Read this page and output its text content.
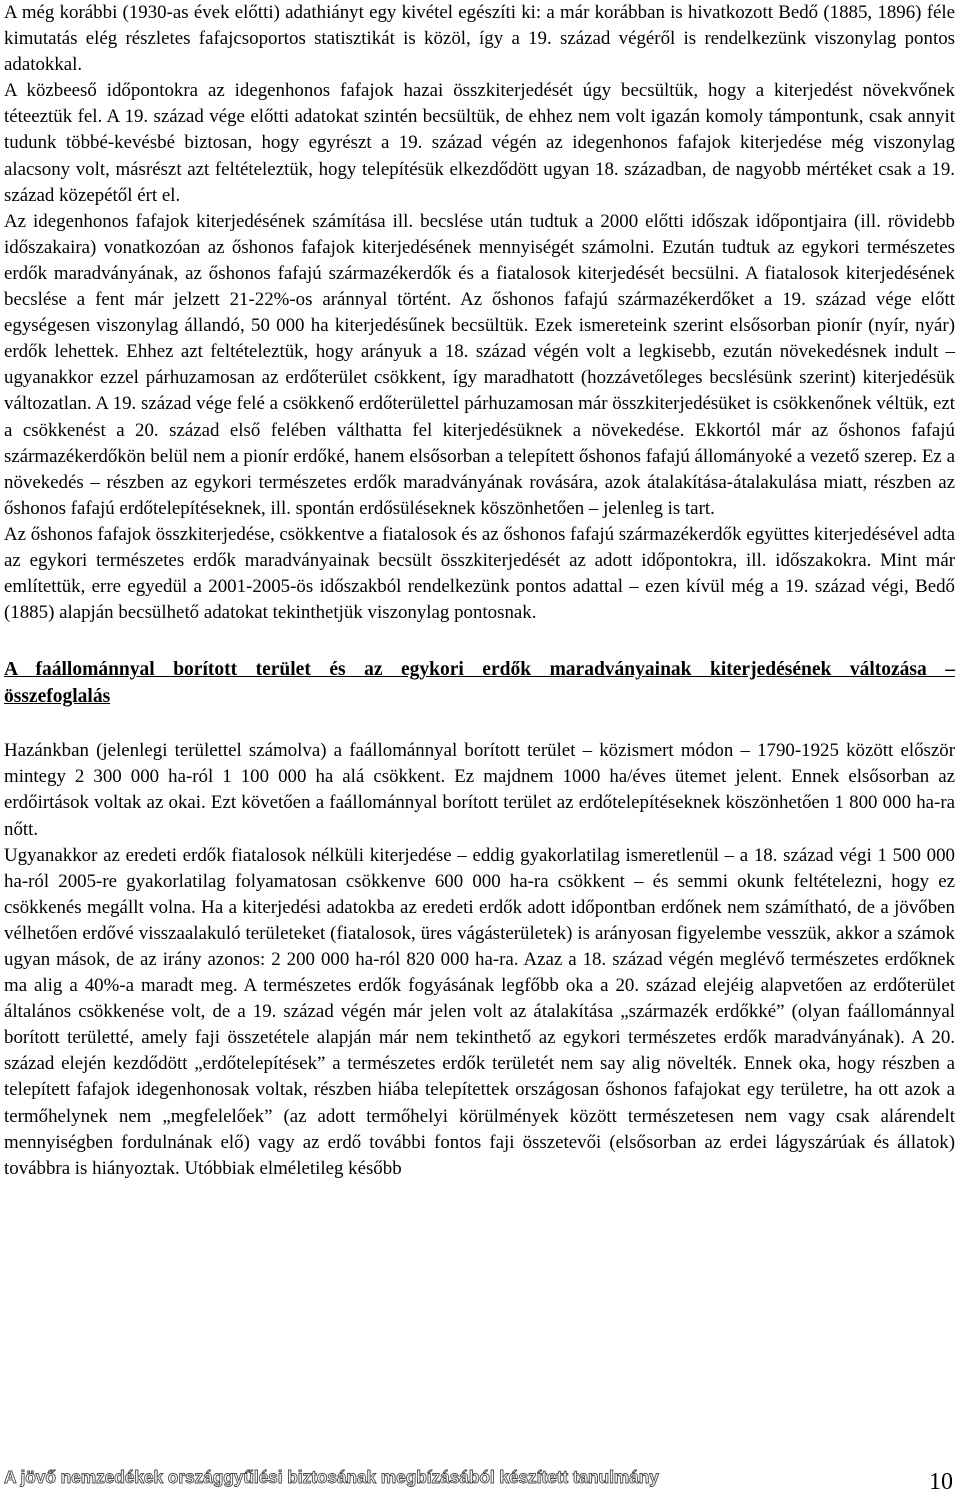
A még korábbi (1930-as évek előtti) adathiányt egy kivétel egészíti ki: a már korábban is hivatkozott Bedő (1885, 1896) féle kimutatás elég részletes fafajcsoportos statisztikát is közöl, így a 19. század végéről is rendelkezünk viszonylag pontos adatokkal.

A közbeeső időpontokra az idegenhonos fafajok hazai összkiterjedését úgy becsültük, hogy a kiterjedést növekvőnek téteeztük fel. A 19. század vége előtti adatokat szintén becsültük, de ehhez nem volt igazán komoly támpontunk, csak annyit tudunk többé-kevésbé biztosan, hogy egyrészt a 19. század végén az idegenhonos fafajok kiterjedése még viszonylag alacsony volt, másrészt azt feltételeztük, hogy telepítésük elkezdődött ugyan 18. században, de nagyobb mértéket csak a 19. század közepétől ért el.

Az idegenhonos fafajok kiterjedésének számítása ill. becslése után tudtuk a 2000 előtti időszak időpontjaira (ill. rövidebb időszakaira) vonatkozóan az őshonos fafajok kiterjedésének mennyiségét számolni. Ezután tudtuk az egykori természetes erdők maradványának, az őshonos fafajú származékerdők és a fiatalosok kiterjedését becsülni. A fiatalosok kiterjedésének becslése a fent már jelzett 21-22%-os aránnyal történt. Az őshonos fafajú származékerdőket a 19. század vége előtt egységesen viszonylag állandó, 50 000 ha kiterjedésűnek becsültük. Ezek ismereteink szerint elsősorban pionír (nyír, nyár) erdők lehettek. Ehhez azt feltételeztük, hogy arányuk a 18. század végén volt a legkisebb, ezután növekedésnek indult – ugyanakkor ezzel párhuzamosan az erdőterület csökkent, így maradhatott (hozzávetőleges becslésünk szerint) kiterjedésük változatlan. A 19. század vége felé a csökkenő erdőterülettel párhuzamosan már összkiterjedésüket is csökkenőnek véltük, ezt a csökkenést a 20. század első felében válthatta fel kiterjedésüknek a növekedése. Ekkortól már az őshonos fafajú származékerdőkön belül nem a pionír erdőké, hanem elsősorban a telepített őshonos fafajú állományoké a vezető szerep. Ez a növekedés – részben az egykori természetes erdők maradványának rovására, azok átalakítása-átalakulása miatt, részben az őshonos fafajú erdőtelepítéseknek, ill. spontán erdősüléseknek köszönhetően – jelenleg is tart.

Az őshonos fafajok összkiterjedése, csökkentve a fiatalosok és az őshonos fafajú származékerdők együttes kiterjedésével adta az egykori természetes erdők maradványainak becsült összkiterjedését az adott időpontokra, ill. időszakokra. Mint már említettük, erre egyedül a 2001-2005-ös időszakból rendelkezünk pontos adattal – ezen kívül még a 19. század végi, Bedő (1885) alapján becsülhető adatokat tekinthetjük viszonylag pontosnak.

A faállománnyal borított terület és az egykori erdők maradványainak kiterjedésének változása – összefoglalás

Hazánkban (jelenlegi területtel számolva) a faállománnyal borított terület – közismert módon – 1790-1925 között először mintegy 2 300 000 ha-ról 1 100 000 ha alá csökkent. Ez majdnem 1000 ha/éves ütemet jelent. Ennek elsősorban az erdőirtások voltak az okai. Ezt követően a faállománnyal borított terület az erdőtelepítéseknek köszönhetően 1 800 000 ha-ra nőtt.

Ugyanakkor az eredeti erdők fiatalosok nélküli kiterjedése – eddig gyakorlatilag ismeretlenül – a 18. század végi 1 500 000 ha-ról 2005-re gyakorlatilag folyamatosan csökkenve 600 000 ha-ra csökkent – és semmi okunk feltételezni, hogy ez csökkenés megállt volna. Ha a kiterjedési adatokba az eredeti erdők adott időpontban erdőnek nem számítható, de a jövőben vélhetően erdővé visszaalakuló területeket (fiatalosok, üres vágásterületek) is arányosan figyelembe vesszük, akkor a számok ugyan mások, de az irány azonos: 2 200 000 ha-ról 820 000 ha-ra. Azaz a 18. század végén meglévő természetes erdőknek ma alig a 40%-a maradt meg. A természetes erdők fogyásának legfőbb oka a 20. század elejéig alapvetően az erdőterület általános csökkenése volt, de a 19. század végén már jelen volt az átalakítása „származék erdőkké” (olyan faállománnyal borított területté, amely faji összetétele alapján már nem tekinthető az egykori természetes erdők maradványának). A 20. század elején kezdődött „erdőtelepítések” a természetes erdők területét nem say alig növelték. Ennek oka, hogy részben a telepített fafajok idegenhonosak voltak, részben hiába telepítettek országosan őshonos fafajokat egy területre, ha ott azok a termőhelynek nem „megfelelőek” (az adott termőhelyi körülmények között természetesen nem vagy csak alárendelt mennyiségben fordulnának elő) vagy az erdő további fontos faji összetevői (elsősorban az erdei lágyszárúak és állatok) továbbra is hiányoztak. Utóbbiak elméletileg később

A jövő nemzedékek országgyűlési biztosának megbízásából készített tanulmány	10
